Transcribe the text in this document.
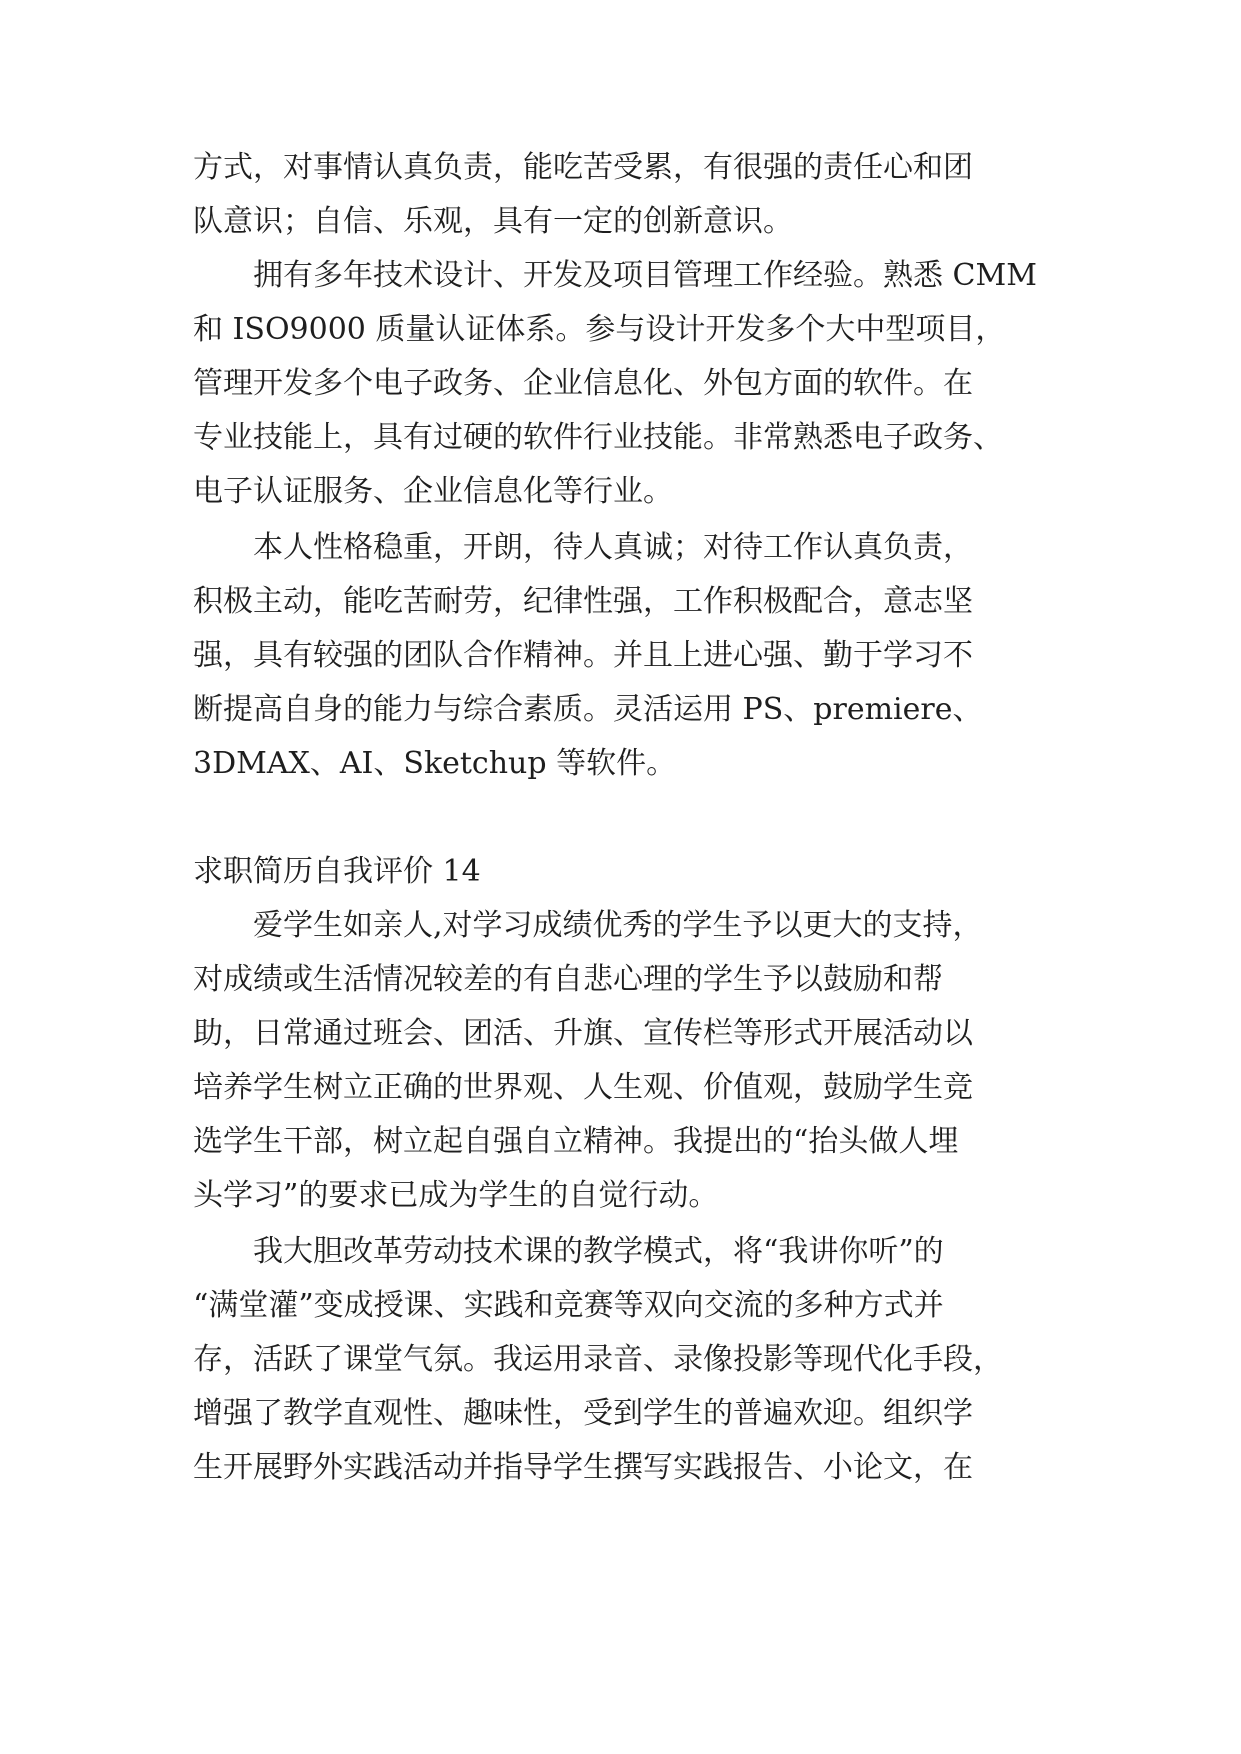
方式，对事情认真负责，能吃苦受累，有很强的责任心和团
队意识；自信、乐观，具有一定的创新意识。
拥有多年技术设计、开发及项目管理工作经验。熟悉 CMM
和 ISO9000 质量认证体系。参与设计开发多个大中型项目，
管理开发多个电子政务、企业信息化、外包方面的软件。在
专业技能上，具有过硬的软件行业技能。非常熟悉电子政务、
电子认证服务、企业信息化等行业。
本人性格稳重，开朗，待人真诚；对待工作认真负责，
积极主动，能吃苦耐劳，纪律性强，工作积极配合，意志坚
强，具有较强的团队合作精神。并且上进心强、勤于学习不
断提高自身的能力与综合素质。灵活运用 PS、premiere、
3DMAX、AI、Sketchup 等软件。
求职简历自我评价 14
爱学生如亲人,对学习成绩优秀的学生予以更大的支持，
对成绩或生活情况较差的有自悲心理的学生予以鼓励和帮
助，日常通过班会、团活、升旗、宣传栏等形式开展活动以
培养学生树立正确的世界观、人生观、价值观，鼓励学生竞
选学生干部，树立起自强自立精神。我提出的“抬头做人埋
头学习”的要求已成为学生的自觉行动。
我大胆改革劳动技术课的教学模式，将“我讲你听”的
“满堂灌”变成授课、实践和竞赛等双向交流的多种方式并
存，活跃了课堂气氛。我运用录音、录像投影等现代化手段，
增强了教学直观性、趣味性，受到学生的普遍欢迎。组织学
生开展野外实践活动并指导学生撰写实践报告、小论文，在
